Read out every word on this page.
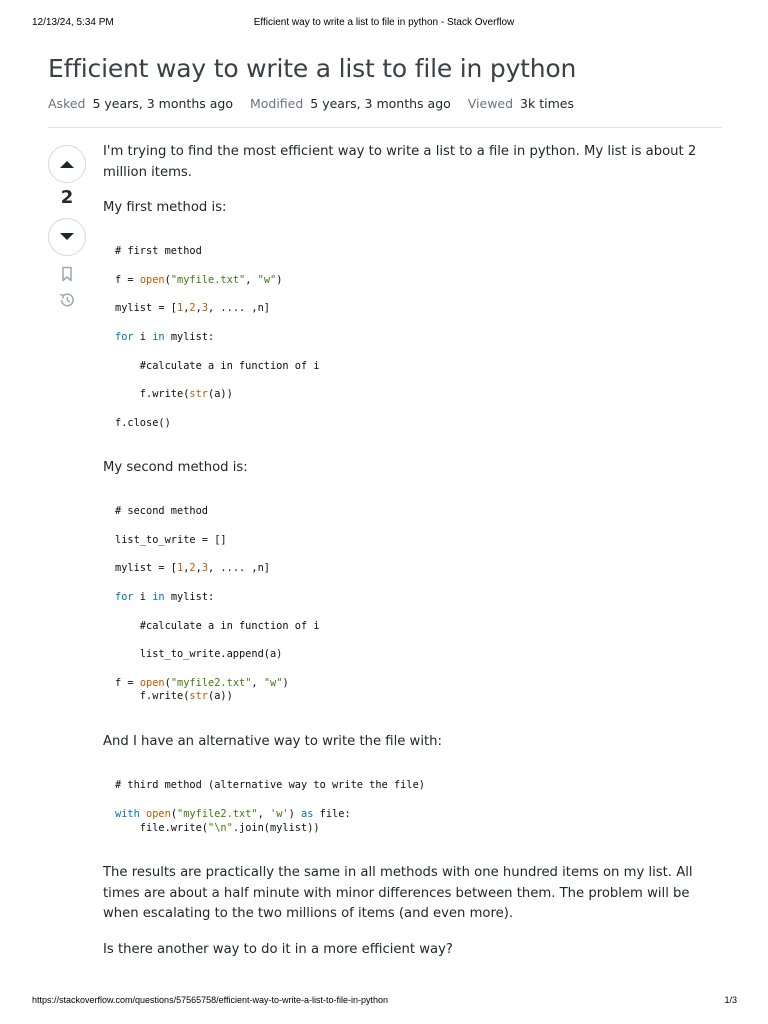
12/13/24, 5:34 PM	Efficient way to write a list to file in python - Stack Overflow
Efficient way to write a list to file in python
Asked 5 years, 3 months ago Modified 5 years, 3 months ago Viewed 3k times
2
I'm trying to find the most efficient way to write a list to a file in python. My list is about 2
million items.
My first method is:

# first method

f = open("myfile.txt", "w")

mylist = [1,2,3, .... ,n]

for i in mylist:

#calculate a in function of i

f.write(str(a))

f.close()

My second method is:

# second method

list_to_write = []

mylist = [1,2,3, .... ,n]

for i in mylist:

#calculate a in function of i

list_to_write.append(a)

f = open("myfile2.txt", "w")

f.write(str(a))

And I have an alternative way to write the file with:

# third method (alternative way to write the file)

with open("myfile2.txt", 'w') as file:

file.write("\n".join(mylist))

The results are practically the same in all methods with one hundred items on my list. All
times are about a half minute with minor differences between them. The problem will be
when escalating to the two millions of items (and even more).
Is there another way to do it in a more efficient way?
https://stackoverflow.com/questions/57565758/efficient-way-to-write-a-list-to-file-in-python	1/3
